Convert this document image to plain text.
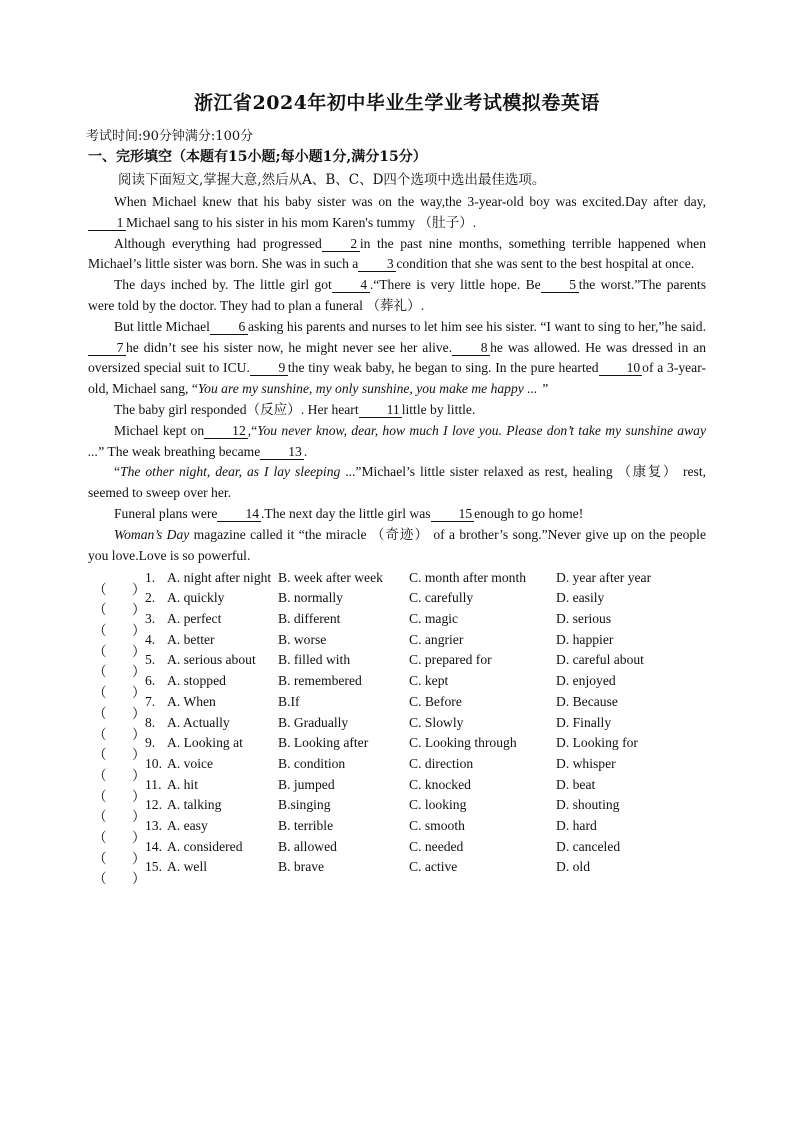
浙江省2024年初中毕业生学业考试模拟卷英语
考试时间:90分钟满分:100分
一、完形填空（本题有15小题;每小题1分,满分15分）
阅读下面短文,掌握大意,然后从A、B、C、D四个选项中选出最佳选项。

When Michael knew that his baby sister was on the way,the 3-year-old boy was excited.Day after day,1 Michael sang to his sister in his mom Karen's tummy （肚子）.

Although everything had progressed 2 in the past nine months, something terrible happened when Michael’s little sister was born. She was in such a 3 condition that she was sent to the best hospital at once.

The days inched by. The little girl got 4 .“There is very little hope. Be 5 the worst.”The parents were told by the doctor. They had to plan a funeral （葬礼）.

But little Michael 6 asking his parents and nurses to let him see his sister. “I want to sing to her,”he said.7 he didn’t see his sister now, he might never see her alive. 8 he was allowed. He was dressed in an oversized special suit to ICU. 9 the tiny weak baby, he began to sing. In the pure hearted 10 of a 3-year-old, Michael sang, “You are my sunshine, my only sunshine, you make me happy ... ”

The baby girl responded（反应）. Her heart 11 little by little.

Michael kept on 12 ,“You never know, dear, how much I love you. Please don’t take my sunshine away ...” The weak breathing became 13 .

“The other night, dear, as I lay sleeping ...”Michael’s little sister relaxed as rest, healing （康复） rest, seemed to sweep over her.

Funeral plans were 14 .The next day the little girl was 15 enough to go home!

Woman’s Day magazine called it “the miracle （奇迹） of a brother’s song.”Never give up on the people you love.Love is so powerful.

（ ）
1. A. night after night B. week after week	C. month after month	D. year after year
（ ）
2. A. quickly	B. normally	C. carefully	D. easily
（ ）
3. A. perfect	B. different	C. magic	D. serious
（ ）
4. A. better	B. worse	C. angrier	D. happier
（ ）
5. A. serious about	B. filled with	C. prepared for	D. careful about
（ ）
6. A. stopped	B. remembered	C. kept	D. enjoyed
（ ）
7. A. When	B.If	C. Before	D. Because
（ ）
8. A. Actually	B. Gradually	C. Slowly	D. Finally
（ ）
9. A. Looking at	B. Looking after	C. Looking through	D. Looking for
（ ）
10. A. voice	B. condition	C. direction	D. whisper
（ ）
11. A. hit	B. jumped	C. knocked	D. beat
（ ）
12. A. talking	B.singing	C. looking	D. shouting
（ ）
13. A. easy	B. terrible	C. smooth	D. hard
（ ）
14. A. considered	B. allowed	C. needed	D. canceled
（ ）
15. A. well	B. brave	C. active	D. old
